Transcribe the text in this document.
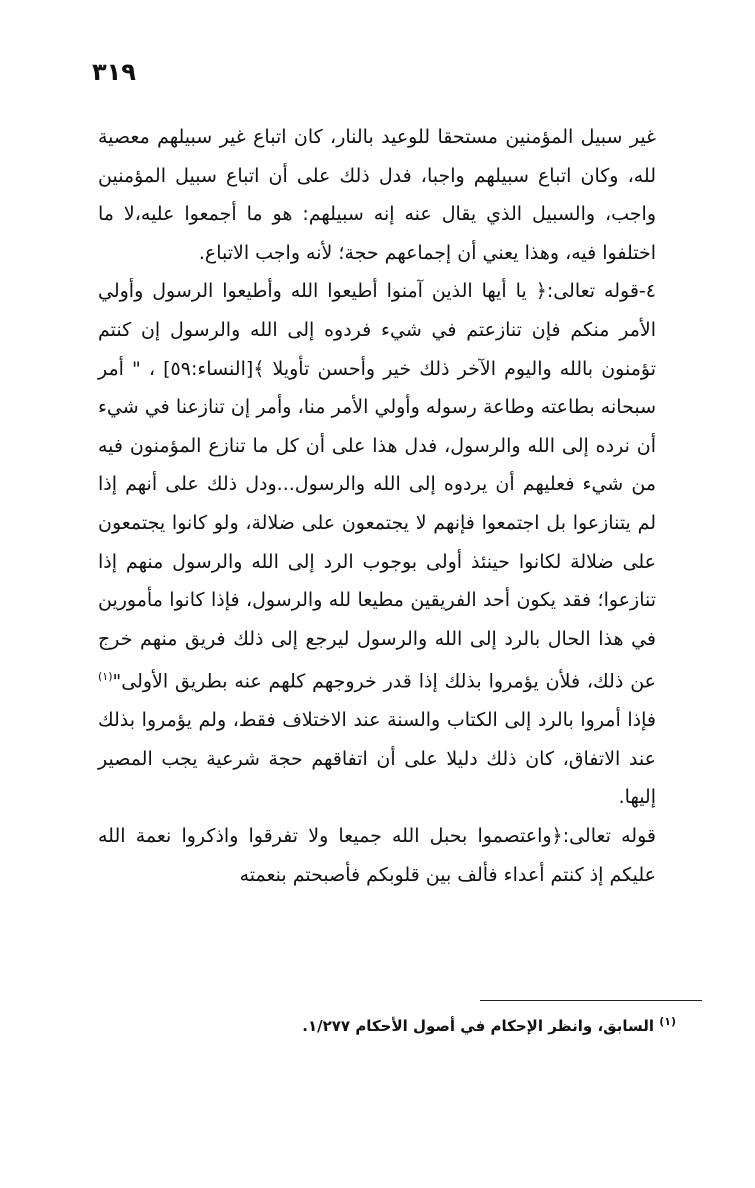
٣١٩

غير سبيل المؤمنين مستحقا للوعيد بالنار، كان اتباع غير سبيلهم معصية لله، وكان اتباع سبيلهم واجبا، فدل ذلك على أن اتباع سبيل المؤمنين واجب، والسبيل الذي يقال عنه إنه سبيلهم: هو ما أجمعوا عليه،لا ما اختلفوا فيه، وهذا يعني أن إجماعهم حجة؛ لأنه واجب الاتباع.

٤-قوله تعالى:﴿ يا أيها الذين آمنوا أطيعوا الله وأطيعوا الرسول وأولي الأمر منكم فإن تنازعتم في شيء فردوه إلى الله والرسول إن كنتم تؤمنون بالله واليوم الآخر ذلك خير وأحسن تأويلا ﴾[النساء:٥٩] ، " أمر سبحانه بطاعته وطاعة رسوله وأولي الأمر منا، وأمر إن تنازعنا في شيء أن نرده إلى الله والرسول، فدل هذا على أن كل ما تنازع المؤمنون فيه من شيء فعليهم أن يردوه إلى الله والرسول...ودل ذلك على أنهم إذا لم يتنازعوا بل اجتمعوا فإنهم لا يجتمعون على ضلالة، ولو كانوا يجتمعون على ضلالة لكانوا حينئذ أولى بوجوب الرد إلى الله والرسول منهم إذا تنازعوا؛ فقد يكون أحد الفريقين مطيعا لله والرسول، فإذا كانوا مأمورين في هذا الحال بالرد إلى الله والرسول ليرجع إلى ذلك فريق منهم خرج عن ذلك، فلأن يؤمروا بذلك إذا قدر خروجهم كلهم عنه بطريق الأولى"$^{(١)}$ فإذا أمروا بالرد إلى الكتاب والسنة عند الاختلاف فقط، ولم يؤمروا بذلك عند الاتفاق، كان ذلك دليلا على أن اتفاقهم حجة شرعية يجب المصير إليها.

قوله تعالى:﴿واعتصموا بحبل الله جميعا ولا تفرقوا واذكروا نعمة الله عليكم إذ كنتم أعداء فألف بين قلوبكم فأصبحتم بنعمته

$^{(١)}$ السابق، وانظر الإحكام في أصول الأحكام ١/٢٧٧.
